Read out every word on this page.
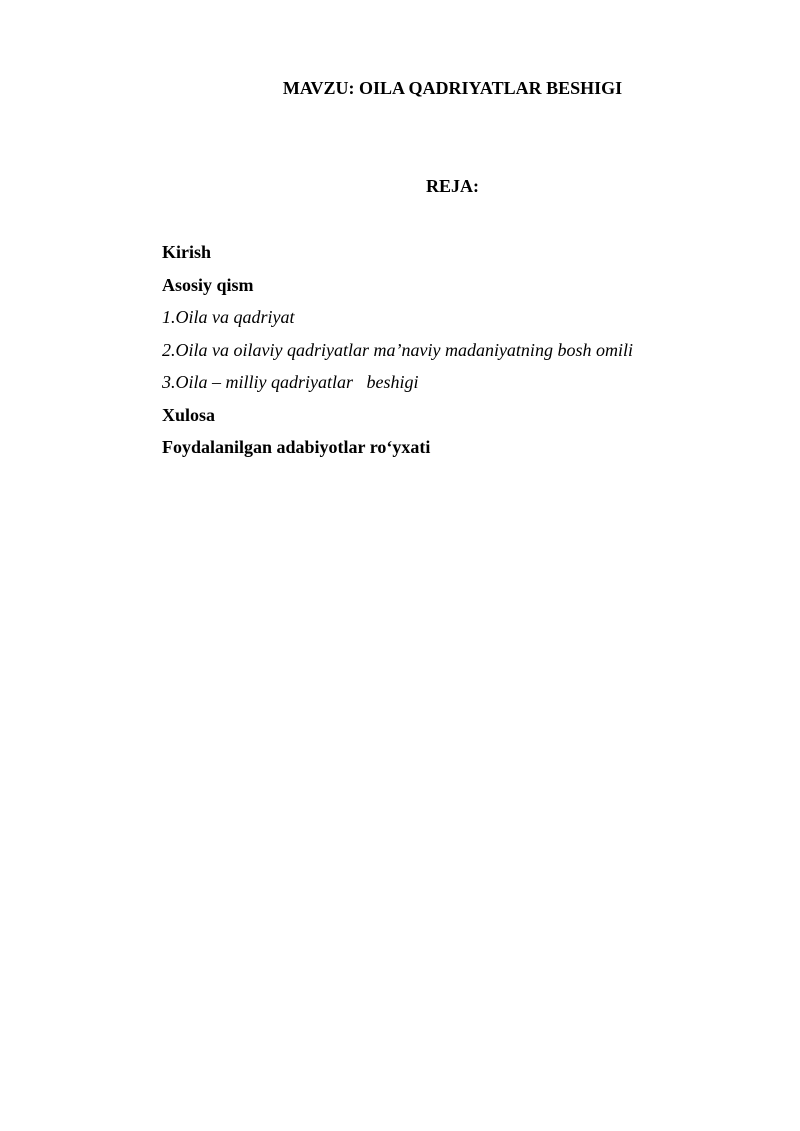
MAVZU: OILA QADRIYATLAR BESHIGI
REJA:
Kirish
Asosiy qism
1.Oila va qadriyat
2.Oila va oilaviy qadriyatlar ma’naviy madaniyatning bosh omili
3.Oila – milliy qadriyatlar   beshigi
Xulosa
Foydalanilgan adabiyotlar ro‘yxati
